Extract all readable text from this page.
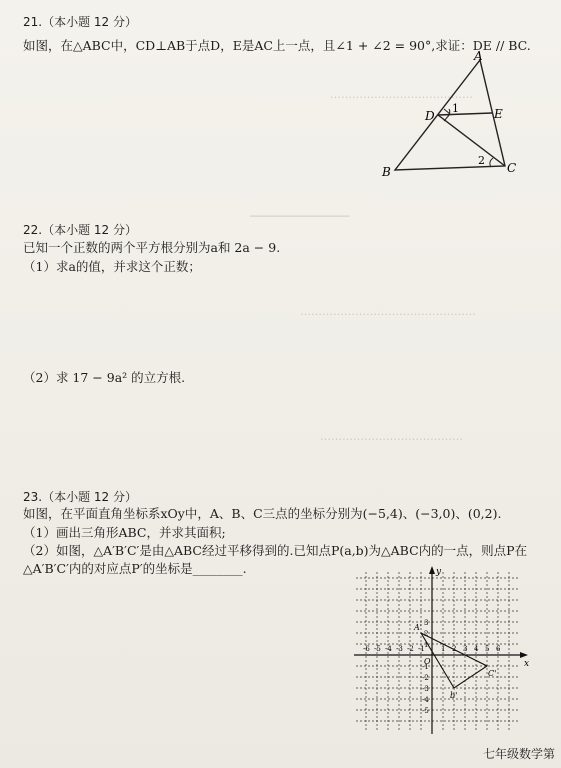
…………………………………
───────────────
…………………………………………
…………………………………
21.（本小题 12 分）
如图，在△ABC中，CD⊥AB于点D，E是AC上一点，且∠1 + ∠2 = 90°,求证：DE // BC.
A
B	C
D	E
1
2
22.（本小题 12 分）
已知一个正数的两个平方根分别为a和 2a − 9.
（1）求a的值，并求这个正数；
（2）求 17 − 9a² 的立方根.
23.（本小题 12 分）
如图，在平面直角坐标系xOy中，A、B、C三点的坐标分别为(−5,4)、(−3,0)、(0,2).
（1）画出三角形ABC，并求其面积;
（2）如图，△A′B′C′是由△ABC经过平移得到的.已知点P(a,b)为△ABC内的一点，则点P在
△A′B′C′内的对应点P′的坐标是________.
x
y
O
-6 -5 -4 -3 -2 -1 1 2 3 4 5 6
1
2
3
-1
-2
-3
-4
-5
A'
b'
C'
七年级数学第
